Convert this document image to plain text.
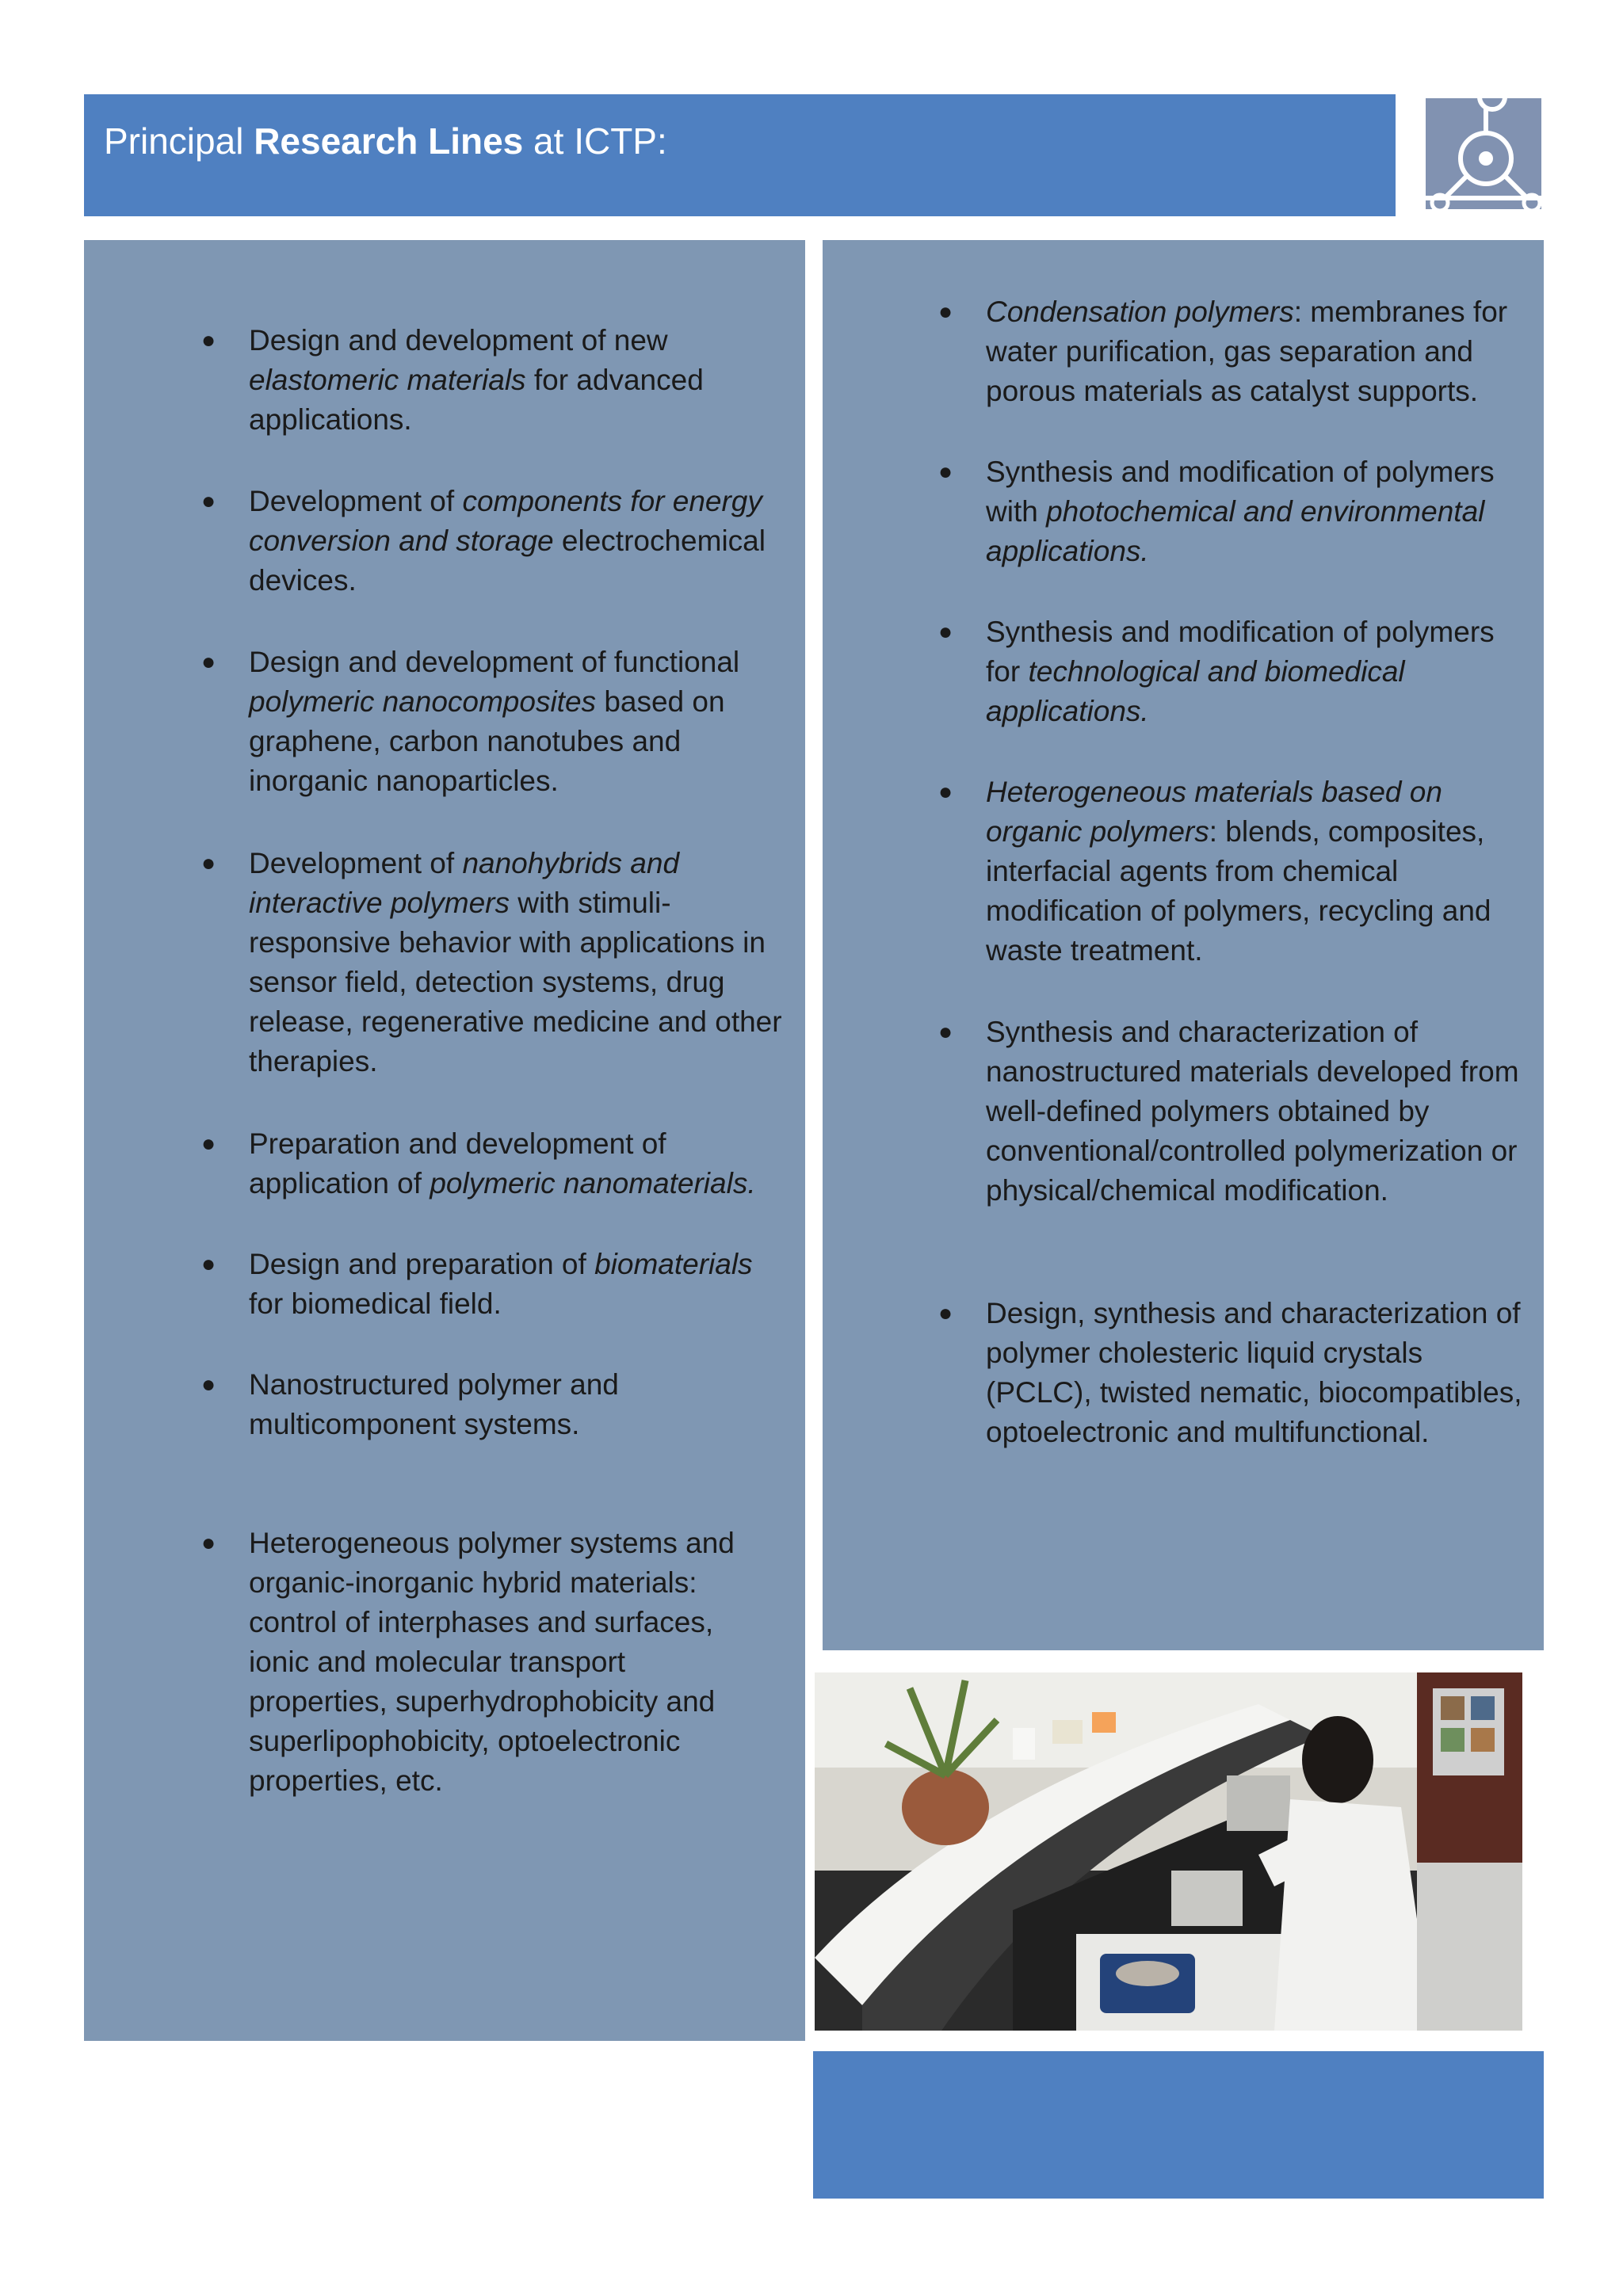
Principal Research Lines at ICTP:
● Design and development of new elastomeric materials for advanced applications.
● Development of components for energy conversion and storage electrochemical devices.
● Design and development of functional polymeric nanocomposites based on graphene, carbon nanotubes and inorganic nanoparticles.
● Development of nanohybrids and interactive polymers with stimuli-responsive behavior with applications in sensor field, detection systems, drug release, regenerative medicine and other therapies.
● Preparation and development of application of polymeric nanomaterials.
● Design and preparation of biomaterials for biomedical field.
● Nanostructured polymer and multicomponent systems.
● Heterogeneous polymer systems and organic-inorganic hybrid materials: control of interphases and surfaces, ionic and molecular transport properties, superhydrophobicity and superlipophobicity, optoelectronic properties, etc.
● Condensation polymers: membranes for water purification, gas separation and porous materials as catalyst supports.
● Synthesis and modification of polymers with photochemical and environmental applications.
● Synthesis and modification of polymers for technological and biomedical applications.
● Heterogeneous materials based on organic polymers: blends, composites, interfacial agents from chemical modification of polymers, recycling and waste treatment.
● Synthesis and characterization of nanostructured materials developed from well-defined polymers obtained by conventional/controlled polymerization or physical/chemical modification.
● Design, synthesis and characterization of polymer cholesteric liquid crystals (PCLC), twisted nematic, biocompatibles, optoelectronic and multifunctional.
